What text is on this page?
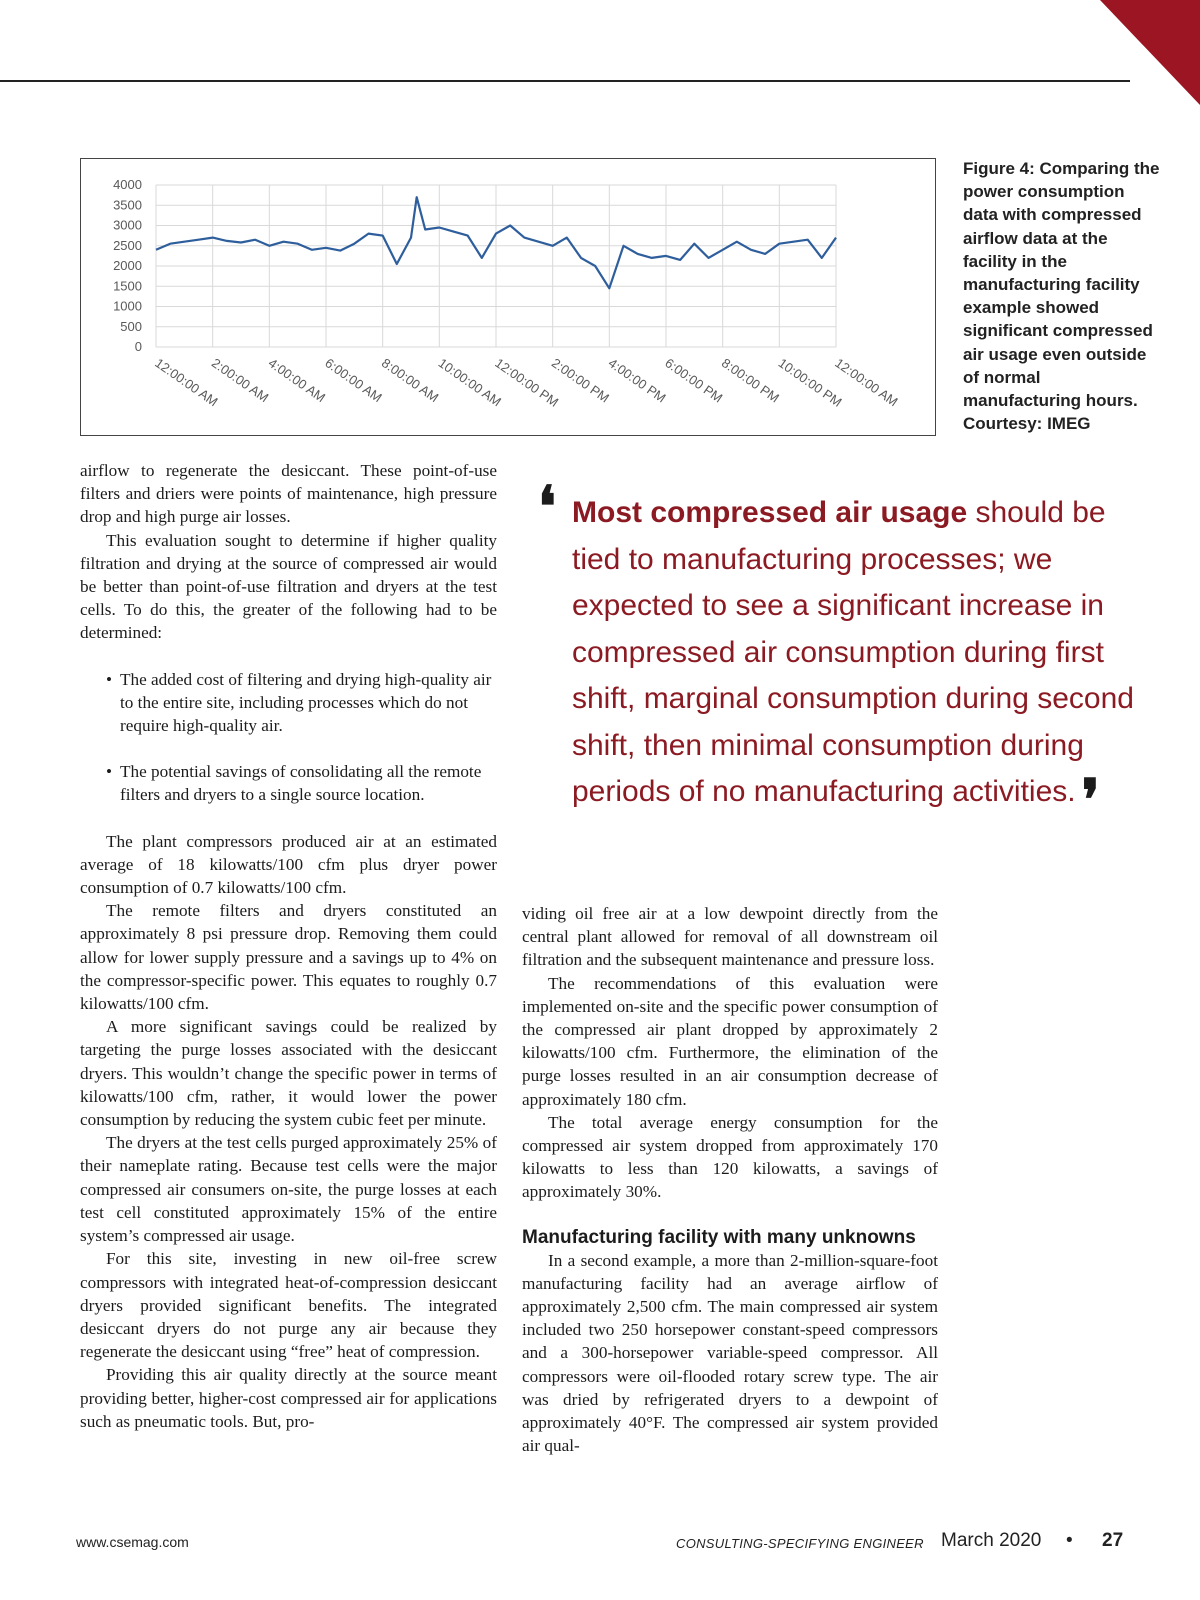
4000
3500
3000
2500
2000
1500
1000
500
0
12:00:00 AM
2:00:00 AM
4:00:00 AM
6:00:00 AM
8:00:00 AM
10:00:00 AM
12:00:00 PM
2:00:00 PM
4:00:00 PM
6:00:00 PM
8:00:00 PM
10:00:00 PM
12:00:00 AM
Figure 4: Comparing the power consumption data with compressed airflow data at the facility in the manufacturing facility example showed significant compressed air usage even outside of normal manufacturing hours. Courtesy: IMEG

airflow to regenerate the desiccant. These point-of-use filters and driers were points of maintenance, high pressure drop and high purge air losses.

This evaluation sought to determine if higher quality filtration and drying at the source of compressed air would be better than point-of-use filtration and dryers at the test cells. To do this, the greater of the following had to be determined:

• The added cost of filtering and drying high-quality air to the entire site, including processes which do not require high-quality air.
• The potential savings of consolidating all the remote filters and dryers to a single source location.

The plant compressors produced air at an estimated average of 18 kilowatts/100 cfm plus dryer power consumption of 0.7 kilowatts/100 cfm.

The remote filters and dryers constituted an approximately 8 psi pressure drop. Removing them could allow for lower supply pressure and a savings up to 4% on the compressor-specific power. This equates to roughly 0.7 kilowatts/100 cfm.

A more significant savings could be realized by targeting the purge losses associated with the desiccant dryers. This wouldn’t change the specific power in terms of kilowatts/100 cfm, rather, it would lower the power consumption by reducing the system cubic feet per minute.

The dryers at the test cells purged approximately 25% of their nameplate rating. Because test cells were the major compressed air consumers on-site, the purge losses at each test cell constituted approximately 15% of the entire system’s compressed air usage.

For this site, investing in new oil-free screw compressors with integrated heat-of-compression desiccant dryers provided significant benefits. The integrated desiccant dryers do not purge any air because they regenerate the desiccant using “free” heat of compression.

Providing this air quality directly at the source meant providing better, higher-cost compressed air for applications such as pneumatic tools. But, pro-

❛ Most compressed air usage should be tied to manufacturing processes; we expected to see a significant increase in compressed air consumption during first shift, marginal consumption during second shift, then minimal consumption during periods of no manufacturing activities. ❜

viding oil free air at a low dewpoint directly from the central plant allowed for removal of all downstream oil filtration and the subsequent maintenance and pressure loss.

The recommendations of this evaluation were implemented on-site and the specific power consumption of the compressed air plant dropped by approximately 2 kilowatts/100 cfm. Furthermore, the elimination of the purge losses resulted in an air consumption decrease of approximately 180 cfm.

The total average energy consumption for the compressed air system dropped from approximately 170 kilowatts to less than 120 kilowatts, a savings of approximately 30%.

Manufacturing facility with many unknowns

In a second example, a more than 2-million-square-foot manufacturing facility had an average airflow of approximately 2,500 cfm. The main compressed air system included two 250 horsepower constant-speed compressors and a 300-horsepower variable-speed compressor. All compressors were oil-flooded rotary screw type. The air was dried by refrigerated dryers to a dewpoint of approximately 40°F. The compressed air system provided air qual-

www.csemag.com	CONSULTING-SPECIFYING ENGINEER March 2020 • 27
